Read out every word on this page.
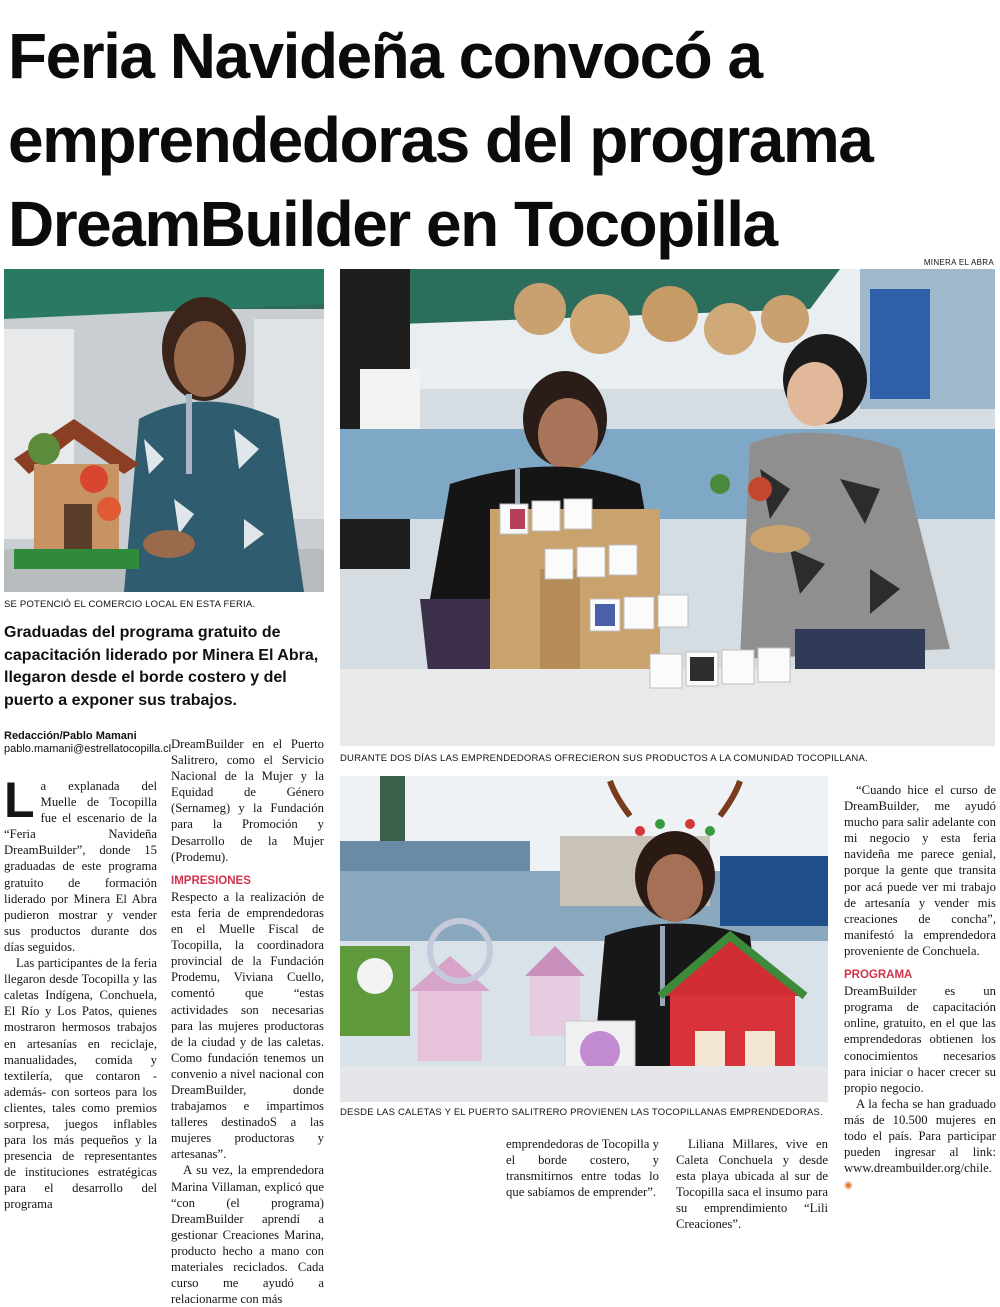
Feria Navideña convocó a emprendedoras del programa DreamBuilder en Tocopilla
MINERA EL ABRA
SE POTENCIÓ EL COMERCIO LOCAL EN ESTA FERIA.
DURANTE DOS DÍAS LAS EMPRENDEDORAS OFRECIERON SUS PRODUCTOS A LA COMUNIDAD TOCOPILLANA.
DESDE LAS CALETAS Y EL PUERTO SALITRERO PROVIENEN LAS TOCOPILLANAS EMPRENDEDORAS.

Graduadas del programa gratuito de capacitación liderado por Minera El Abra, llegaron desde el borde costero y del puerto a exponer sus trabajos.

Redacción/Pablo Mamani
pablo.mamani@estrellatocopilla.cl

La explanada del Muelle de Tocopilla fue el escenario de la “Feria Navideña DreamBuilder”, donde 15 graduadas de este programa gratuito de formación liderado por Minera El Abra pudieron mostrar y vender sus productos durante dos días seguidos.

Las participantes de la feria llegaron desde Tocopilla y las caletas Indígena, Conchuela, El Río y Los Patos, quienes mostraron hermosos trabajos en artesanías en reciclaje, manualidades, comida y textilería, que contaron -además- con sorteos para los clientes, tales como premios sorpresa, juegos inflables para los más pequeños y la presencia de representantes de instituciones estratégicas para el desarrollo del programa

DreamBuilder en el Puerto Salitrero, como el Servicio Nacional de la Mujer y la Equidad de Género (Sernameg) y la Fundación para la Promoción y Desarrollo de la Mujer (Prodemu).

IMPRESIONES

Respecto a la realización de esta feria de emprendedoras en el Muelle Fiscal de Tocopilla, la coordinadora provincial de la Fundación Prodemu, Viviana Cuello, comentó que “estas actividades son necesarias para las mujeres productoras de la ciudad y de las caletas. Como fundación tenemos un convenio a nivel nacional con DreamBuilder, donde trabajamos e impartimos talleres destinadoS a las mujeres productoras y artesanas”.

A su vez, la emprendedora Marina Villaman, explicó que “con (el programa) DreamBuilder aprendí a gestionar Creaciones Marina, producto hecho a mano con materiales reciclados. Cada curso me ayudó a relacionarme con más

emprendedoras de Tocopilla y el borde costero, y transmitirnos entre todas lo que sabíamos de emprender”.

Liliana Millares, vive en Caleta Conchuela y desde esta playa ubicada al sur de Tocopilla saca el insumo para su emprendimiento “Lili Creaciones”.

“Cuando hice el curso de DreamBuilder, me ayudó mucho para salir adelante con mi negocio y esta feria navideña me parece genial, porque la gente que transita por acá puede ver mi trabajo de artesanía y vender mis creaciones de concha”, manifestó la emprendedora proveniente de Conchuela.

PROGRAMA

DreamBuilder es un programa de capacitación online, gratuito, en el que las emprendedoras obtienen los conocimientos necesarios para iniciar o hacer crecer su propio negocio.

A la fecha se han graduado más de 10.500 mujeres en todo el país. Para participar pueden ingresar al link: www.dreambuilder.org/chile. ◉
